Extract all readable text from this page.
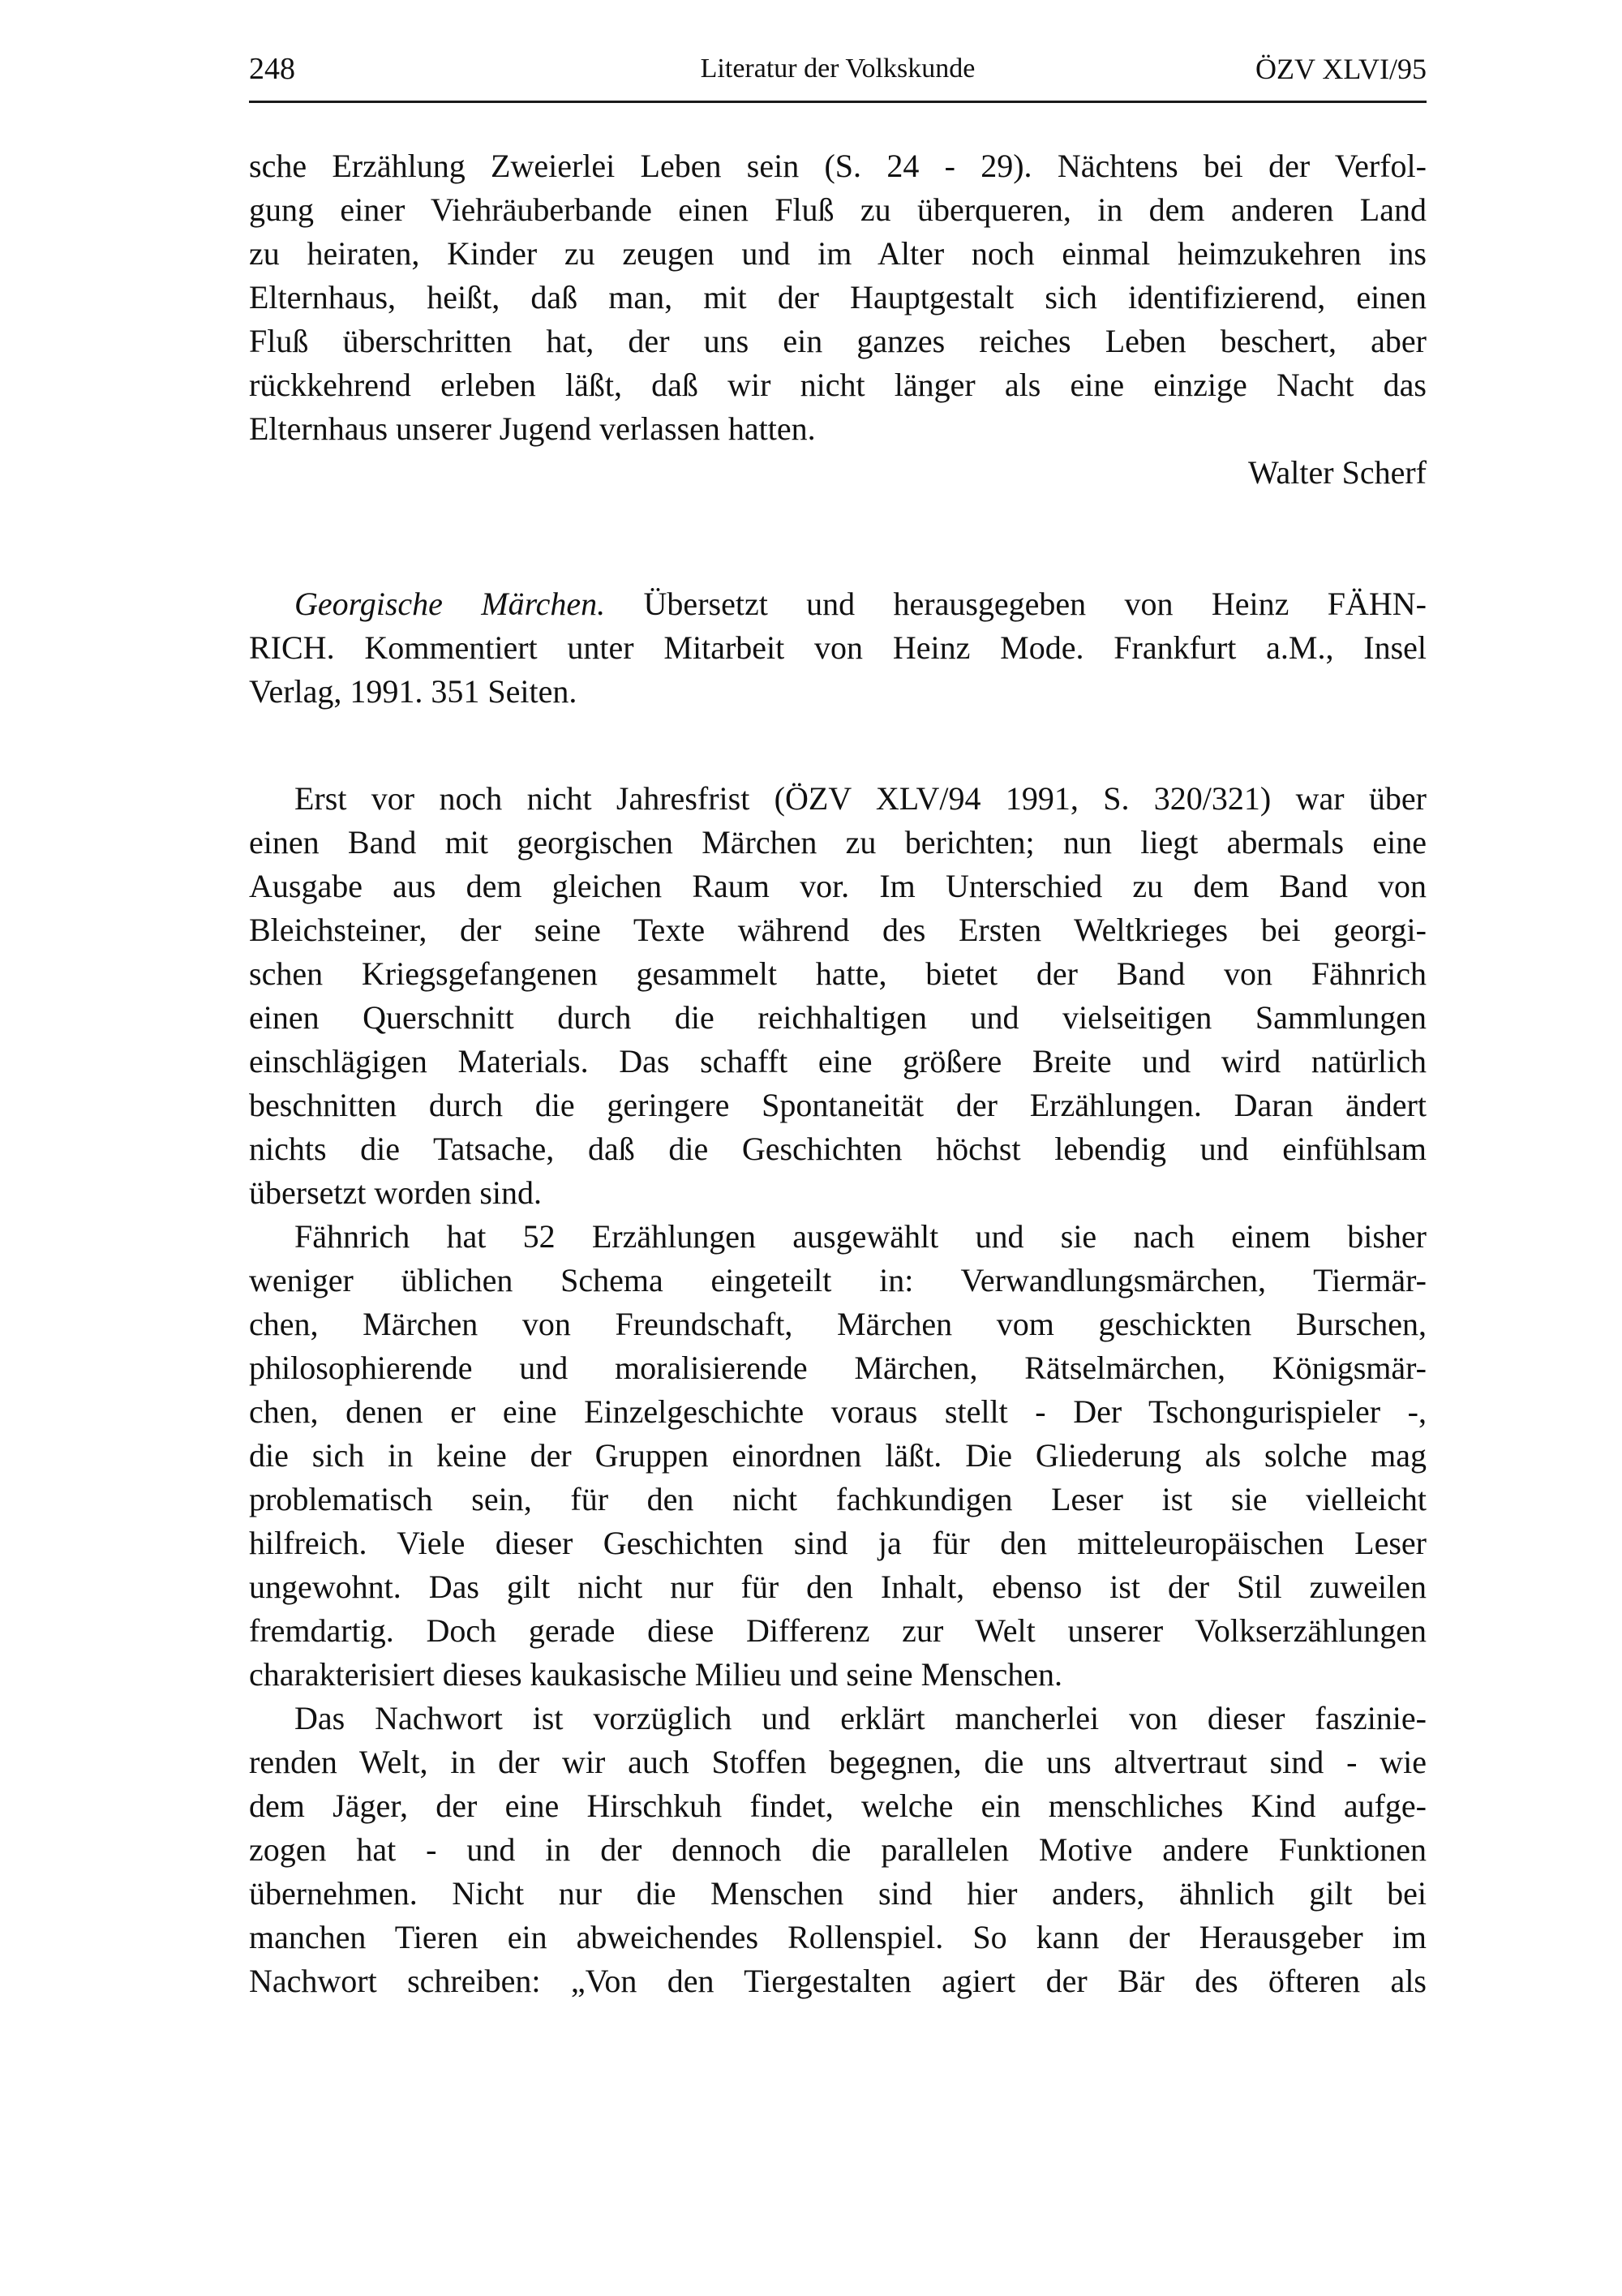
248	Literatur der Volkskunde	ÖZV XLVI/95
sche Erzählung Zweierlei Leben sein (S. 24 - 29). Nächtens bei der Verfol-
gung einer Viehräuberbande einen Fluß zu überqueren, in dem anderen Land
zu heiraten, Kinder zu zeugen und im Alter noch einmal heimzukehren ins
Elternhaus, heißt, daß man, mit der Hauptgestalt sich identifizierend, einen
Fluß überschritten hat, der uns ein ganzes reiches Leben beschert, aber
rückkehrend erleben läßt, daß wir nicht länger als eine einzige Nacht das
Elternhaus unserer Jugend verlassen hatten.
Walter Scherf
Georgische Märchen. Übersetzt und herausgegeben von Heinz FÄHN-
RICH. Kommentiert unter Mitarbeit von Heinz Mode. Frankfurt a.M., Insel
Verlag, 1991. 351 Seiten.
Erst vor noch nicht Jahresfrist (ÖZV XLV/94 1991, S. 320/321) war über
einen Band mit georgischen Märchen zu berichten; nun liegt abermals eine
Ausgabe aus dem gleichen Raum vor. Im Unterschied zu dem Band von
Bleichsteiner, der seine Texte während des Ersten Weltkrieges bei georgi-
schen Kriegsgefangenen gesammelt hatte, bietet der Band von Fähnrich
einen Querschnitt durch die reichhaltigen und vielseitigen Sammlungen
einschlägigen Materials. Das schafft eine größere Breite und wird natürlich
beschnitten durch die geringere Spontaneität der Erzählungen. Daran ändert
nichts die Tatsache, daß die Geschichten höchst lebendig und einfühlsam
übersetzt worden sind.
Fähnrich hat 52 Erzählungen ausgewählt und sie nach einem bisher
weniger üblichen Schema eingeteilt in: Verwandlungsmärchen, Tiermär-
chen, Märchen von Freundschaft, Märchen vom geschickten Burschen,
philosophierende und moralisierende Märchen, Rätselmärchen, Königsmär-
chen, denen er eine Einzelgeschichte voraus stellt - Der Tschongurispieler -,
die sich in keine der Gruppen einordnen läßt. Die Gliederung als solche mag
problematisch sein, für den nicht fachkundigen Leser ist sie vielleicht
hilfreich. Viele dieser Geschichten sind ja für den mitteleuropäischen Leser
ungewohnt. Das gilt nicht nur für den Inhalt, ebenso ist der Stil zuweilen
fremdartig. Doch gerade diese Differenz zur Welt unserer Volkserzählungen
charakterisiert dieses kaukasische Milieu und seine Menschen.
Das Nachwort ist vorzüglich und erklärt mancherlei von dieser faszinie-
renden Welt, in der wir auch Stoffen begegnen, die uns altvertraut sind - wie
dem Jäger, der eine Hirschkuh findet, welche ein menschliches Kind aufge-
zogen hat - und in der dennoch die parallelen Motive andere Funktionen
übernehmen. Nicht nur die Menschen sind hier anders, ähnlich gilt bei
manchen Tieren ein abweichendes Rollenspiel. So kann der Herausgeber im
Nachwort schreiben: „Von den Tiergestalten agiert der Bär des öfteren als
